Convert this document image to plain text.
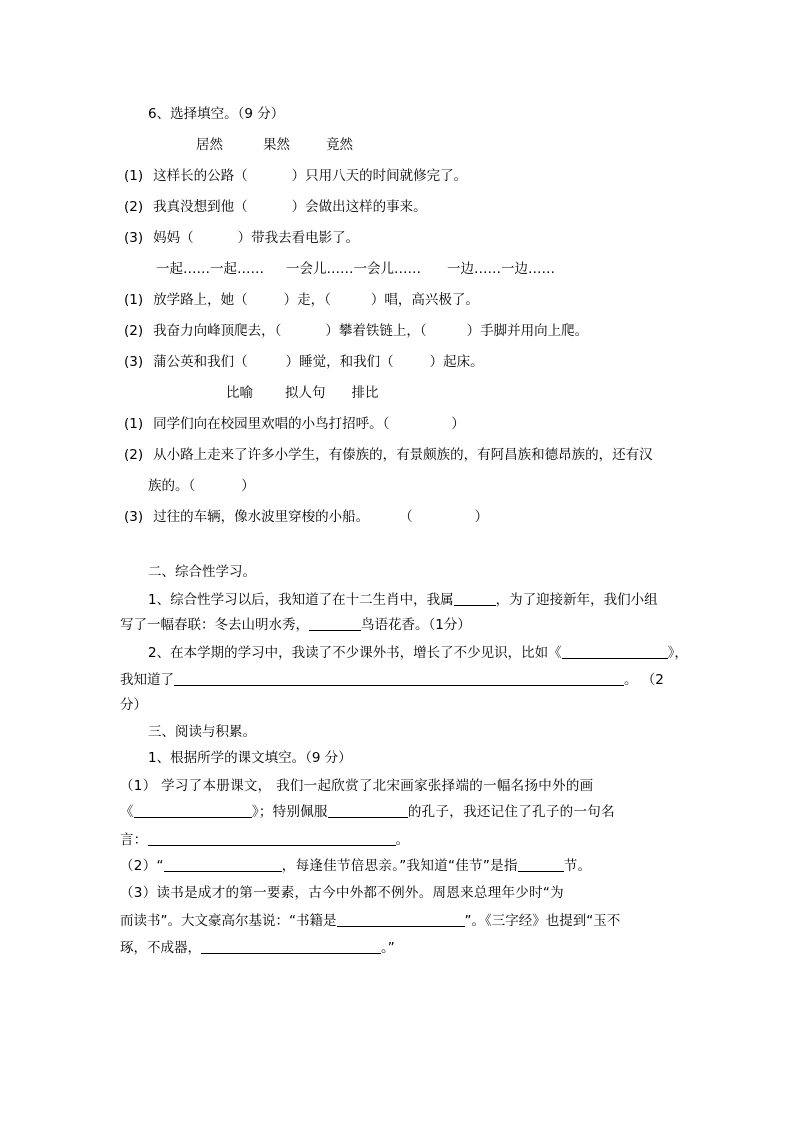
6、选择填空。（9 分）
居然	果然	竟然
(1) 这样长的公路（	）只用八天的时间就修完了。
(2) 我真没想到他（	）会做出这样的事来。
(3) 妈妈（	）带我去看电影了。
一起……一起…… 一会儿……一会儿…… 一边……一边……
(1) 放学路上，她（	）走，（	）唱，高兴极了。
(2) 我奋力向峰顶爬去，（	）攀着铁链上，（	）手脚并用向上爬。
(3) 蒲公英和我们（	）睡觉，和我们（	）起床。
比喻 拟人句 排比
(1) 同学们向在校园里欢唱的小鸟打招呼。（	）
(2) 从小路上走来了许多小学生，有傣族的，有景颇族的，有阿昌族和德昂族的，还有汉
族的。（	）
(3) 过往的车辆，像水波里穿梭的小船。 （	）
二、综合性学习。
1、综合性学习以后，我知道了在十二生肖中，我属	，为了迎接新年，我们小组
写了一幅春联：冬去山明水秀，	鸟语花香。（1分）
2、在本学期的学习中，我读了不少课外书，增长了不少见识，比如《	》，
我知道了	。 （2
分）
三、阅读与积累。
1、根据所学的课文填空。（9 分）
（1） 学习了本册课文， 我们一起欣赏了北宋画家张择端的一幅名扬中外的画
《	》；特别佩服	的孔子，我还记住了孔子的一句名
言：	。
（2）“	，每逢佳节倍思亲。”我知道“佳节”是指	节。
（3）读书是成才的第一要素，古今中外都不例外。周恩来总理年少时“为
而读书”。大文豪高尔基说：“书籍是	”。《三字经》也提到“玉不
琢，不成器，	。”
